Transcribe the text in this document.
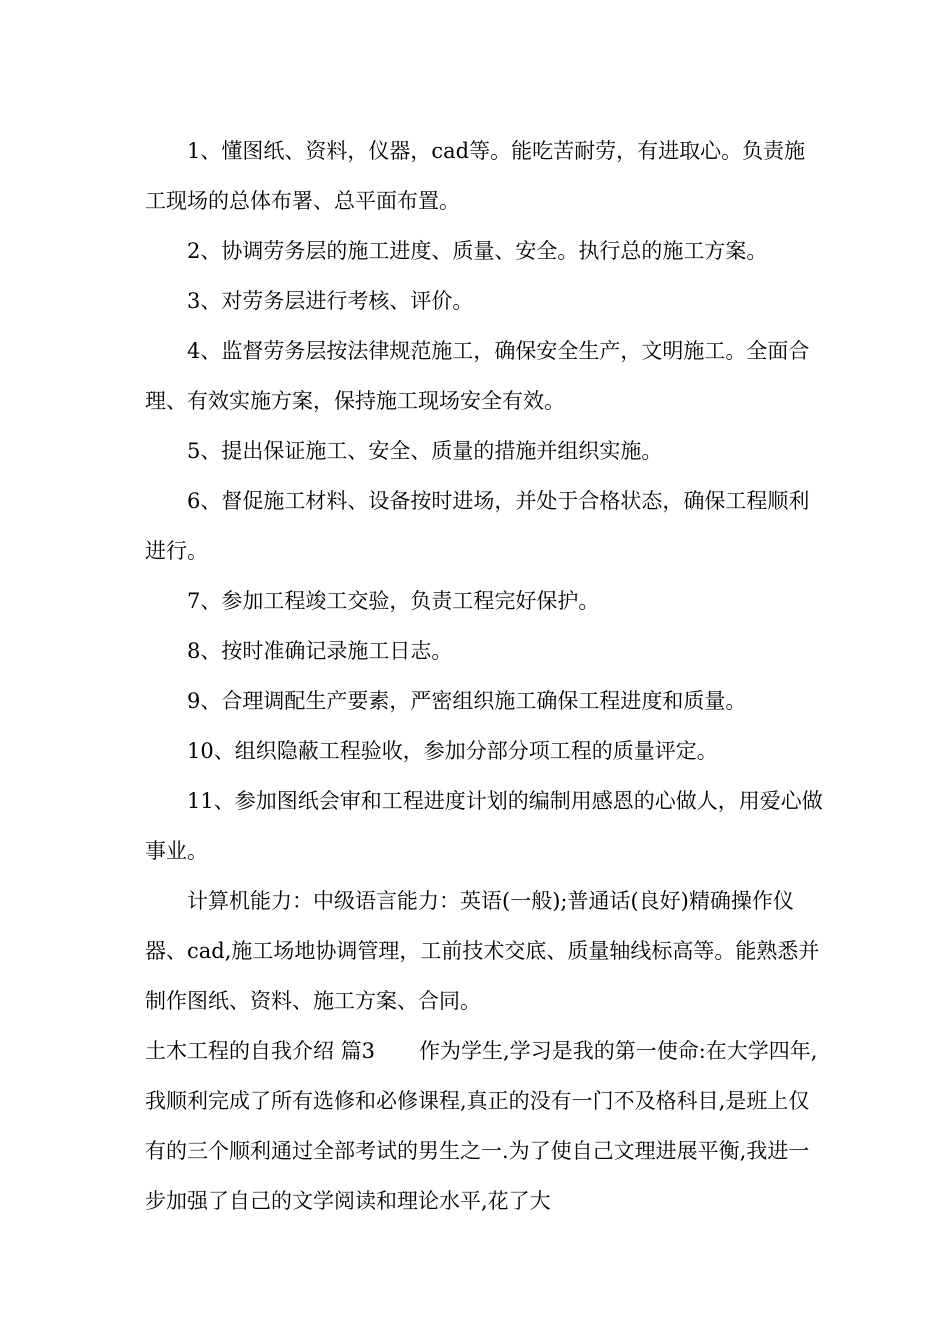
1、懂图纸、资料，仪器，cad等。能吃苦耐劳，有进取心。负责施工现场的总体布署、总平面布置。

2、协调劳务层的施工进度、质量、安全。执行总的施工方案。

3、对劳务层进行考核、评价。

4、监督劳务层按法律规范施工，确保安全生产，文明施工。全面合理、有效实施方案，保持施工现场安全有效。

5、提出保证施工、安全、质量的措施并组织实施。

6、督促施工材料、设备按时进场，并处于合格状态，确保工程顺利进行。

7、参加工程竣工交验，负责工程完好保护。

8、按时准确记录施工日志。

9、合理调配生产要素，严密组织施工确保工程进度和质量。

10、组织隐蔽工程验收，参加分部分项工程的质量评定。

11、参加图纸会审和工程进度计划的编制用感恩的心做人，用爱心做事业。

计算机能力：中级语言能力：英语(一般);普通话(良好)精确操作仪器、cad,施工场地协调管理，工前技术交底、质量轴线标高等。能熟悉并制作图纸、资料、施工方案、合同。

土木工程的自我介绍 篇3 作为学生,学习是我的第一使命:在大学四年,我顺利完成了所有选修和必修课程,真正的没有一门不及格科目,是班上仅有的三个顺利通过全部考试的男生之一.为了使自己文理进展平衡,我进一步加强了自己的文学阅读和理论水平,花了大
